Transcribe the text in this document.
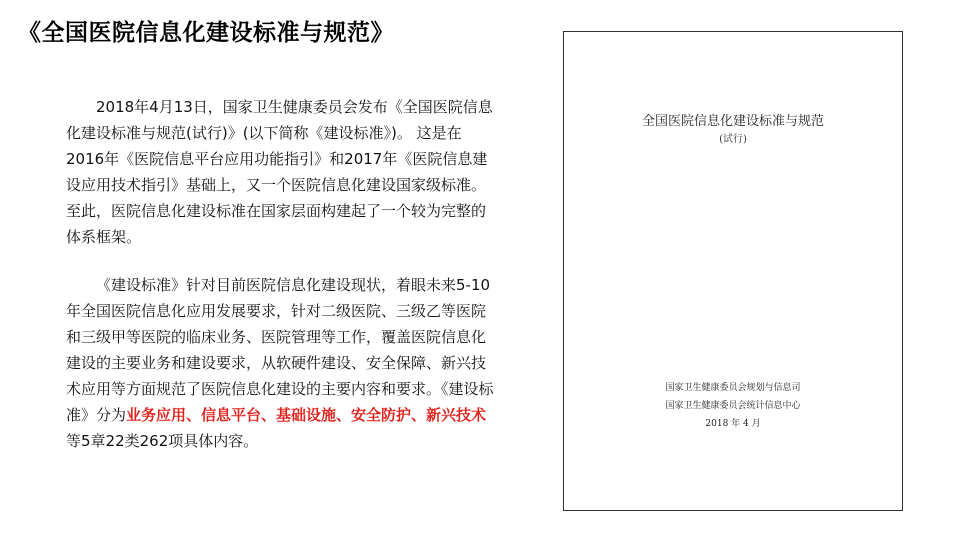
《全国医院信息化建设标准与规范》

2018年4月13日，国家卫生健康委员会发布《全国医院信息化建设标准与规范(试行)》(以下简称《建设标准》)。 这是在2016年《医院信息平台应用功能指引》和2017年《医院信息建设应用技术指引》基础上，又一个医院信息化建设国家级标准。至此，医院信息化建设标准在国家层面构建起了一个较为完整的体系框架。

《建设标准》针对目前医院信息化建设现状，着眼未来5-10年全国医院信息化应用发展要求，针对二级医院、三级乙等医院和三级甲等医院的临床业务、医院管理等工作，覆盖医院信息化建设的主要业务和建设要求，从软硬件建设、安全保障、新兴技术应用等方面规范了医院信息化建设的主要内容和要求。《建设标准》分为业务应用、信息平台、基础设施、安全防护、新兴技术等5章22类262项具体内容。

全国医院信息化建设标准与规范
(试行)
国家卫生健康委员会规划与信息司
国家卫生健康委员会统计信息中心
2018 年 4 月
